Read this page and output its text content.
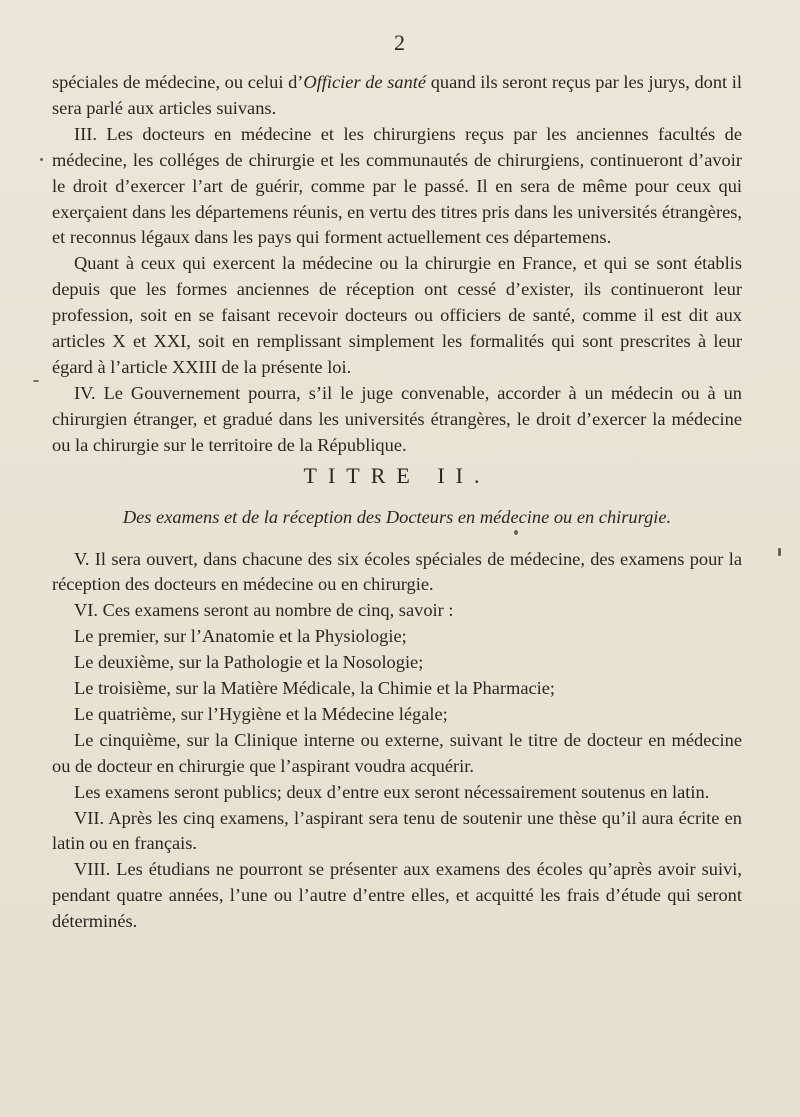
2

spéciales de médecine, ou celui d’Officier de santé quand ils seront reçus par les jurys, dont il sera parlé aux articles suivans.

III. Les docteurs en médecine et les chirurgiens reçus par les anciennes facultés de médecine, les colléges de chirurgie et les communautés de chirurgiens, continueront d’avoir le droit d’exercer l’art de guérir, comme par le passé. Il en sera de même pour ceux qui exerçaient dans les départemens réunis, en vertu des titres pris dans les universités étrangères, et reconnus légaux dans les pays qui forment actuellement ces départemens.

Quant à ceux qui exercent la médecine ou la chirurgie en France, et qui se sont établis depuis que les formes anciennes de réception ont cessé d’exister, ils continueront leur profession, soit en se faisant recevoir docteurs ou officiers de santé, comme il est dit aux articles X et XXI, soit en remplissant simplement les formalités qui sont prescrites à leur égard à l’article XXIII de la présente loi.

IV. Le Gouvernement pourra, s’il le juge convenable, accorder à un médecin ou à un chirurgien étranger, et gradué dans les universités étrangères, le droit d’exercer la médecine ou la chirurgie sur le territoire de la République.

TITRE II.

Des examens et de la réception des Docteurs en médecine ou en chirurgie.

V. Il sera ouvert, dans chacune des six écoles spéciales de médecine, des examens pour la réception des docteurs en médecine ou en chirurgie.

VI. Ces examens seront au nombre de cinq, savoir :

Le premier, sur l’Anatomie et la Physiologie;

Le deuxième, sur la Pathologie et la Nosologie;

Le troisième, sur la Matière Médicale, la Chimie et la Pharmacie;

Le quatrième, sur l’Hygiène et la Médecine légale;

Le cinquième, sur la Clinique interne ou externe, suivant le titre de docteur en médecine ou de docteur en chirurgie que l’aspirant voudra acquérir.

Les examens seront publics; deux d’entre eux seront nécessairement soutenus en latin.

VII. Après les cinq examens, l’aspirant sera tenu de soutenir une thèse qu’il aura écrite en latin ou en français.

VIII. Les étudians ne pourront se présenter aux examens des écoles qu’après avoir suivi, pendant quatre années, l’une ou l’autre d’entre elles, et acquitté les frais d’étude qui seront déterminés.
